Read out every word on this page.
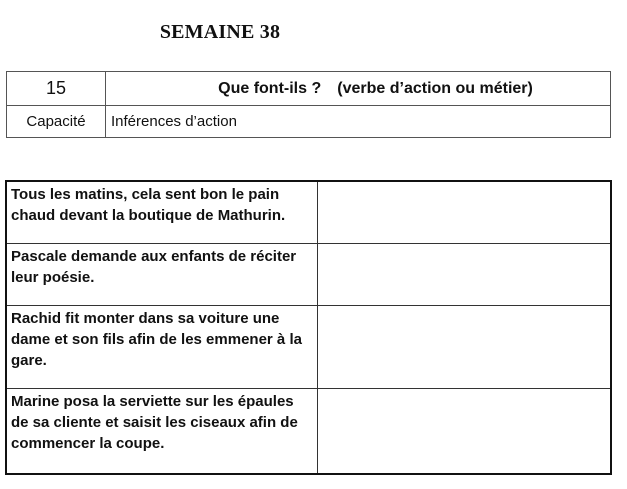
SEMAINE 38
15	Que font-ils ? (verbe d’action ou métier)
Capacité	Inférences d’action
Tous les matins, cela sent bon le pain chaud devant la boutique de Mathurin.	
Pascale demande aux enfants de réciter leur poésie.	
Rachid fit monter dans sa voiture une dame et son fils afin de les emmener à la gare.	
Marine posa la serviette sur les épaules de sa cliente et saisit les ciseaux afin de commencer la coupe.	
